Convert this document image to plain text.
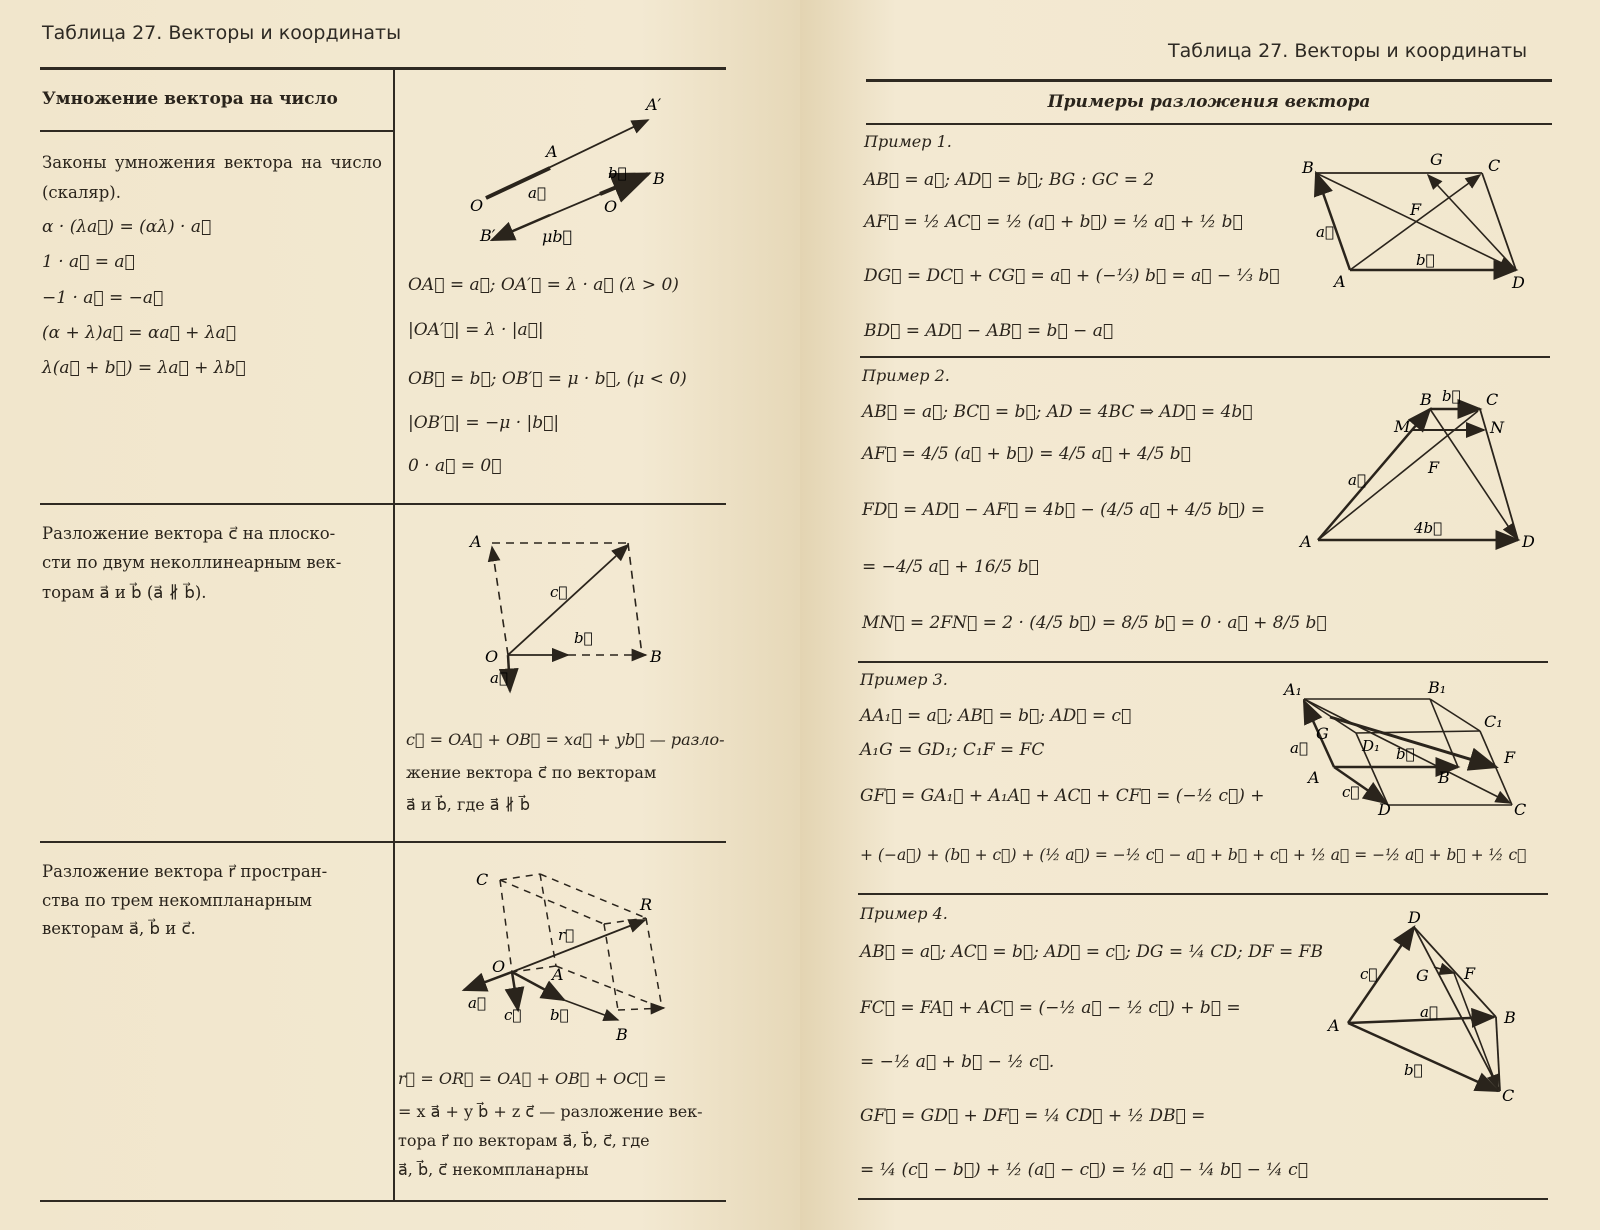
Таблица 27. Векторы и координаты
Умножение вектора на число
Законы умножения вектора на число (скаляр).
α · (λa⃗) = (αλ) · a⃗
1 · a⃗ = a⃗
−1 · a⃗ = −a⃗
(α + λ)a⃗ = αa⃗ + λa⃗
λ(a⃗ + b⃗) = λa⃗ + λb⃗
A′
A
O
a⃗
b⃗ B
O
B′	μb⃗
OA⃗ = a⃗; OA′⃗ = λ · a⃗ (λ > 0)
|OA′⃗| = λ · |a⃗|
OB⃗ = b⃗; OB′⃗ = μ · b⃗, (μ < 0)
|OB′⃗| = −μ · |b⃗|
0 · a⃗ = 0⃗
Разложение вектора c⃗ на плоско-
сти по двум неколлинеарным век-
торам a⃗ и b⃗ (a⃗ ∦ b⃗).
A
c⃗
b⃗
O	B
a⃗
c⃗ = OA⃗ + OB⃗ = xa⃗ + yb⃗ — разло-
жение вектора c⃗ по векторам
a⃗ и b⃗, где a⃗ ∦ b⃗
Разложение вектора r⃗ простран-
ства по трем некомпланарным
векторам a⃗, b⃗ и c⃗.
C
R
r⃗
O	A
a⃗
c⃗ b⃗
B
r⃗ = OR⃗ = OA⃗ + OB⃗ + OC⃗ =
= x a⃗ + y b⃗ + z c⃗ — разложение век-
тора r⃗ по векторам a⃗, b⃗, c⃗, где
a⃗, b⃗, c⃗ некомпланарны
Таблица 27. Векторы и координаты
Примеры разложения вектора
Пример 1.
AB⃗ = a⃗; AD⃗ = b⃗; BG : GC = 2
AF⃗ = ½ AC⃗ = ½ (a⃗ + b⃗) = ½ a⃗ + ½ b⃗
DG⃗ = DC⃗ + CG⃗ = a⃗ + (−⅓) b⃗ = a⃗ − ⅓ b⃗
BD⃗ = AD⃗ − AB⃗ = b⃗ − a⃗
B	G	C
F
a⃗
b⃗
A	D
Пример 2.
AB⃗ = a⃗; BC⃗ = b⃗; AD = 4BC ⇒ AD⃗ = 4b⃗
AF⃗ = 4/5 (a⃗ + b⃗) = 4/5 a⃗ + 4/5 b⃗
FD⃗ = AD⃗ − AF⃗ = 4b⃗ − (4/5 a⃗ + 4/5 b⃗) =
= −4/5 a⃗ + 16/5 b⃗
MN⃗ = 2FN⃗ = 2 · (4/5 b⃗) = 8/5 b⃗ = 0 · a⃗ + 8/5 b⃗
B b⃗ C
M	N
F
a⃗
4b⃗
A	D
Пример 3.
AA₁⃗ = a⃗; AB⃗ = b⃗; AD⃗ = c⃗
A₁G = GD₁; C₁F = FC
GF⃗ = GA₁⃗ + A₁A⃗ + AC⃗ + CF⃗ = (−½ c⃗) +
+ (−a⃗) + (b⃗ + c⃗) + (½ a⃗) = −½ c⃗ − a⃗ + b⃗ + c⃗ + ½ a⃗ = −½ a⃗ + b⃗ + ½ c⃗
A₁	B₁
C₁
G
D₁ b⃗
a⃗	F
A	B
c⃗
D	C
Пример 4.
AB⃗ = a⃗; AC⃗ = b⃗; AD⃗ = c⃗; DG = ¼ CD; DF = FB
FC⃗ = FA⃗ + AC⃗ = (−½ a⃗ − ½ c⃗) + b⃗ =
= −½ a⃗ + b⃗ − ½ c⃗.
GF⃗ = GD⃗ + DF⃗ = ¼ CD⃗ + ½ DB⃗ =
= ¼ (c⃗ − b⃗) + ½ (a⃗ − c⃗) = ½ a⃗ − ¼ b⃗ − ¼ c⃗
D
c⃗ G F
A
a⃗	B
b⃗
C
